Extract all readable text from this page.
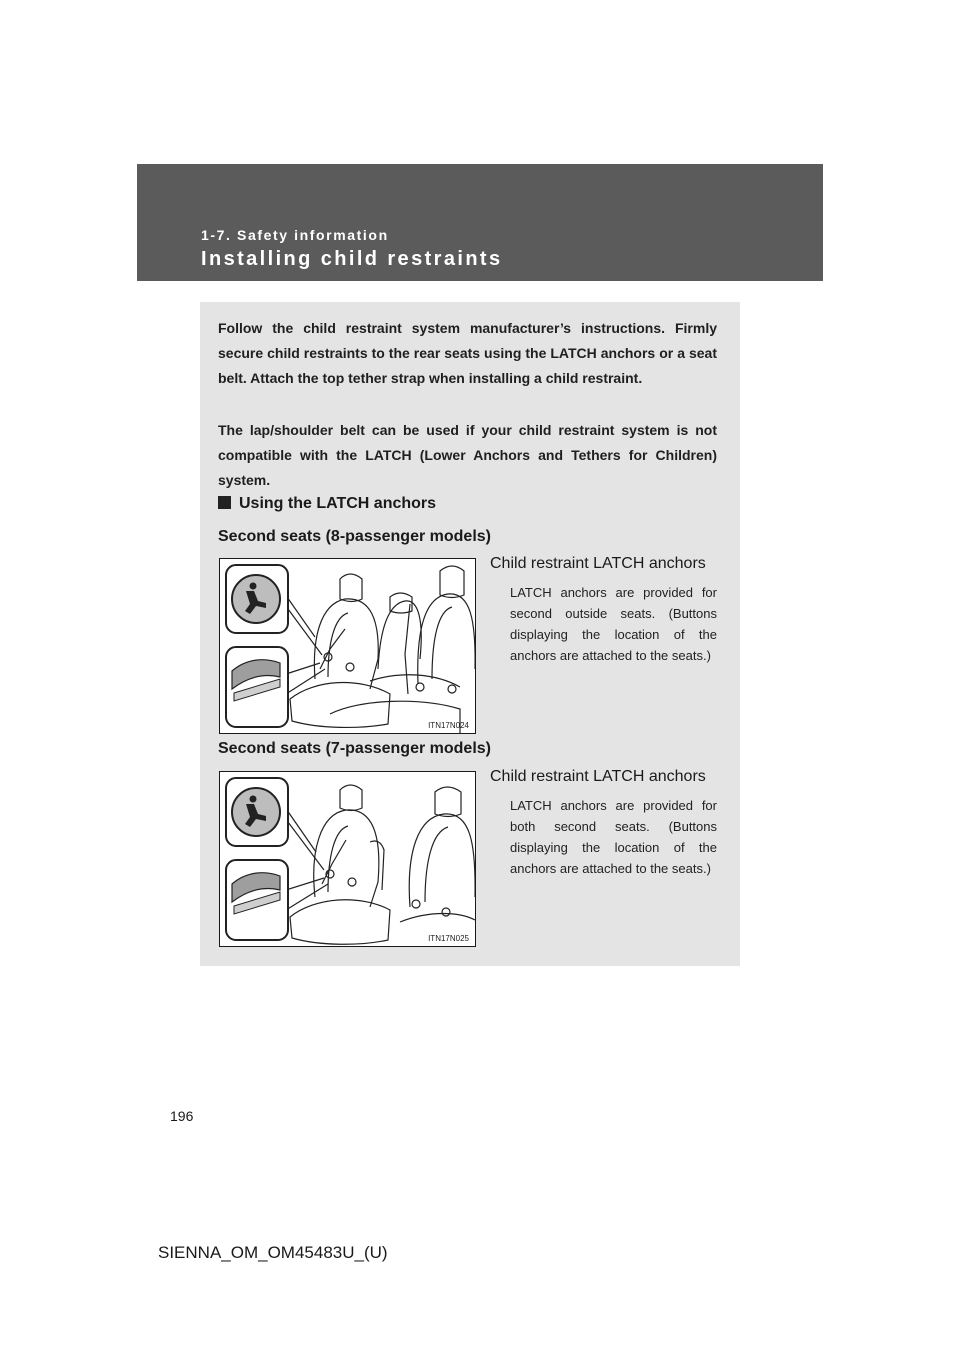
1-7. Safety information
Installing child restraints

Follow the child restraint system manufacturer’s instructions. Firmly secure child restraints to the rear seats using the LATCH anchors or a seat belt. Attach the top tether strap when installing a child restraint.

The lap/shoulder belt can be used if your child restraint system is not compatible with the LATCH (Lower Anchors and Tethers for Children) system.

Using the LATCH anchors
Second seats (8-passenger models)
ITN17N024
Child restraint LATCH anchors

LATCH anchors are provided for second outside seats. (Buttons displaying the location of the anchors are attached to the seats.)

Second seats (7-passenger models)
ITN17N025
Child restraint LATCH anchors

LATCH anchors are provided for both second seats. (Buttons displaying the location of the anchors are attached to the seats.)

196
SIENNA_OM_OM45483U_(U)
